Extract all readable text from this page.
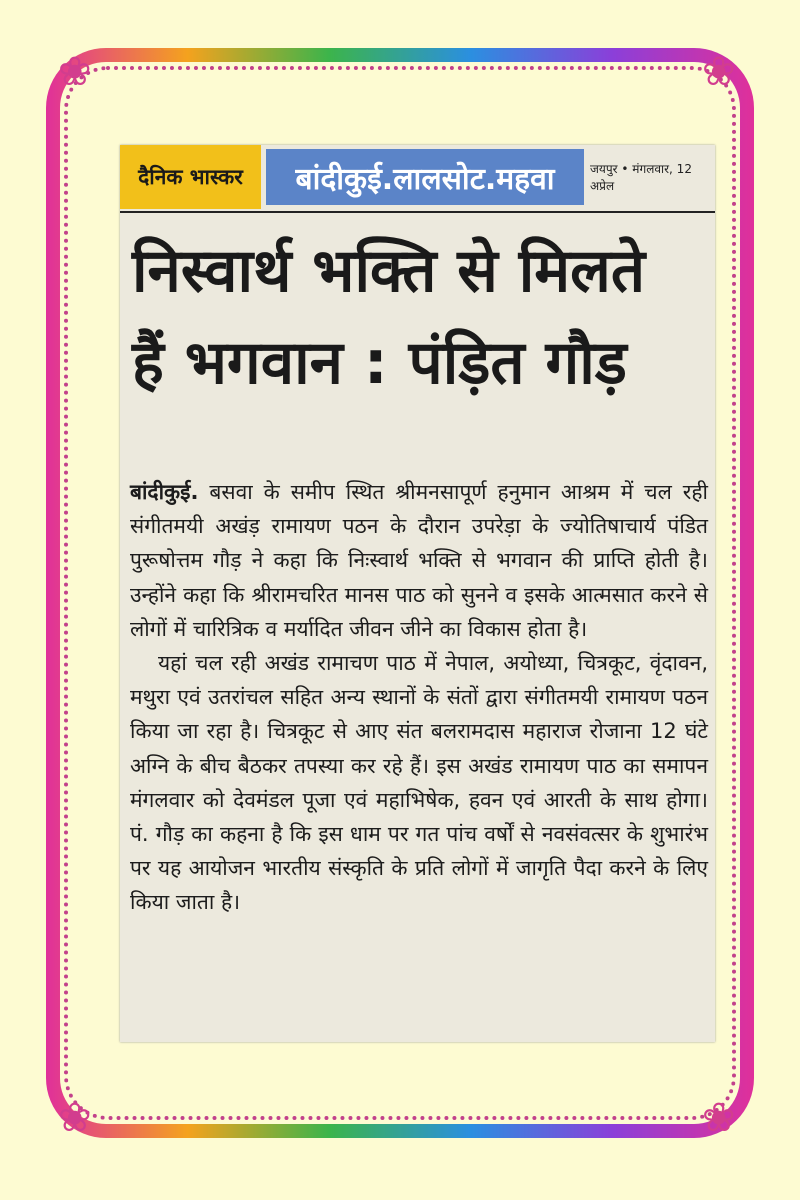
❀	❀
❀	❀
दैनिक भास्कर	बांदीकुई.लालसोट.महवा	जयपुर • मंगलवार, 12 अप्रेल
निस्वार्थ भक्ति से मिलते
हैं भगवान : पंड़ित गौड़

बांदीकुई. बसवा के समीप स्थित श्रीमनसापूर्ण हनुमान आश्रम में चल रही संगीतमयी अखंड़ रामायण पठन के दौरान उपरेड़ा के ज्योतिषाचार्य पंडित पुरूषोत्तम गौड़ ने कहा कि निःस्वार्थ भक्ति से भगवान की प्राप्ति होती है। उन्होंने कहा कि श्रीरामचरित मानस पाठ को सुनने व इसके आत्मसात करने से लोगों में चारित्रिक व मर्यादित जीवन जीने का विकास होता है।

यहां चल रही अखंड रामाचण पाठ में नेपाल, अयोध्या, चित्रकूट, वृंदावन, मथुरा एवं उतरांचल सहित अन्य स्थानों के संतों द्वारा संगीतमयी रामायण पठन किया जा रहा है। चित्रकूट से आए संत बलरामदास महाराज रोजाना 12 घंटे अग्नि के बीच बैठकर तपस्या कर रहे हैं। इस अखंड रामायण पाठ का समापन मंगलवार को देवमंडल पूजा एवं महाभिषेक, हवन एवं आरती के साथ होगा। पं. गौड़ का कहना है कि इस धाम पर गत पांच वर्षों से नवसंवत्सर के शुभारंभ पर यह आयोजन भारतीय संस्कृति के प्रति लोगों में जागृति पैदा करने के लिए किया जाता है।
